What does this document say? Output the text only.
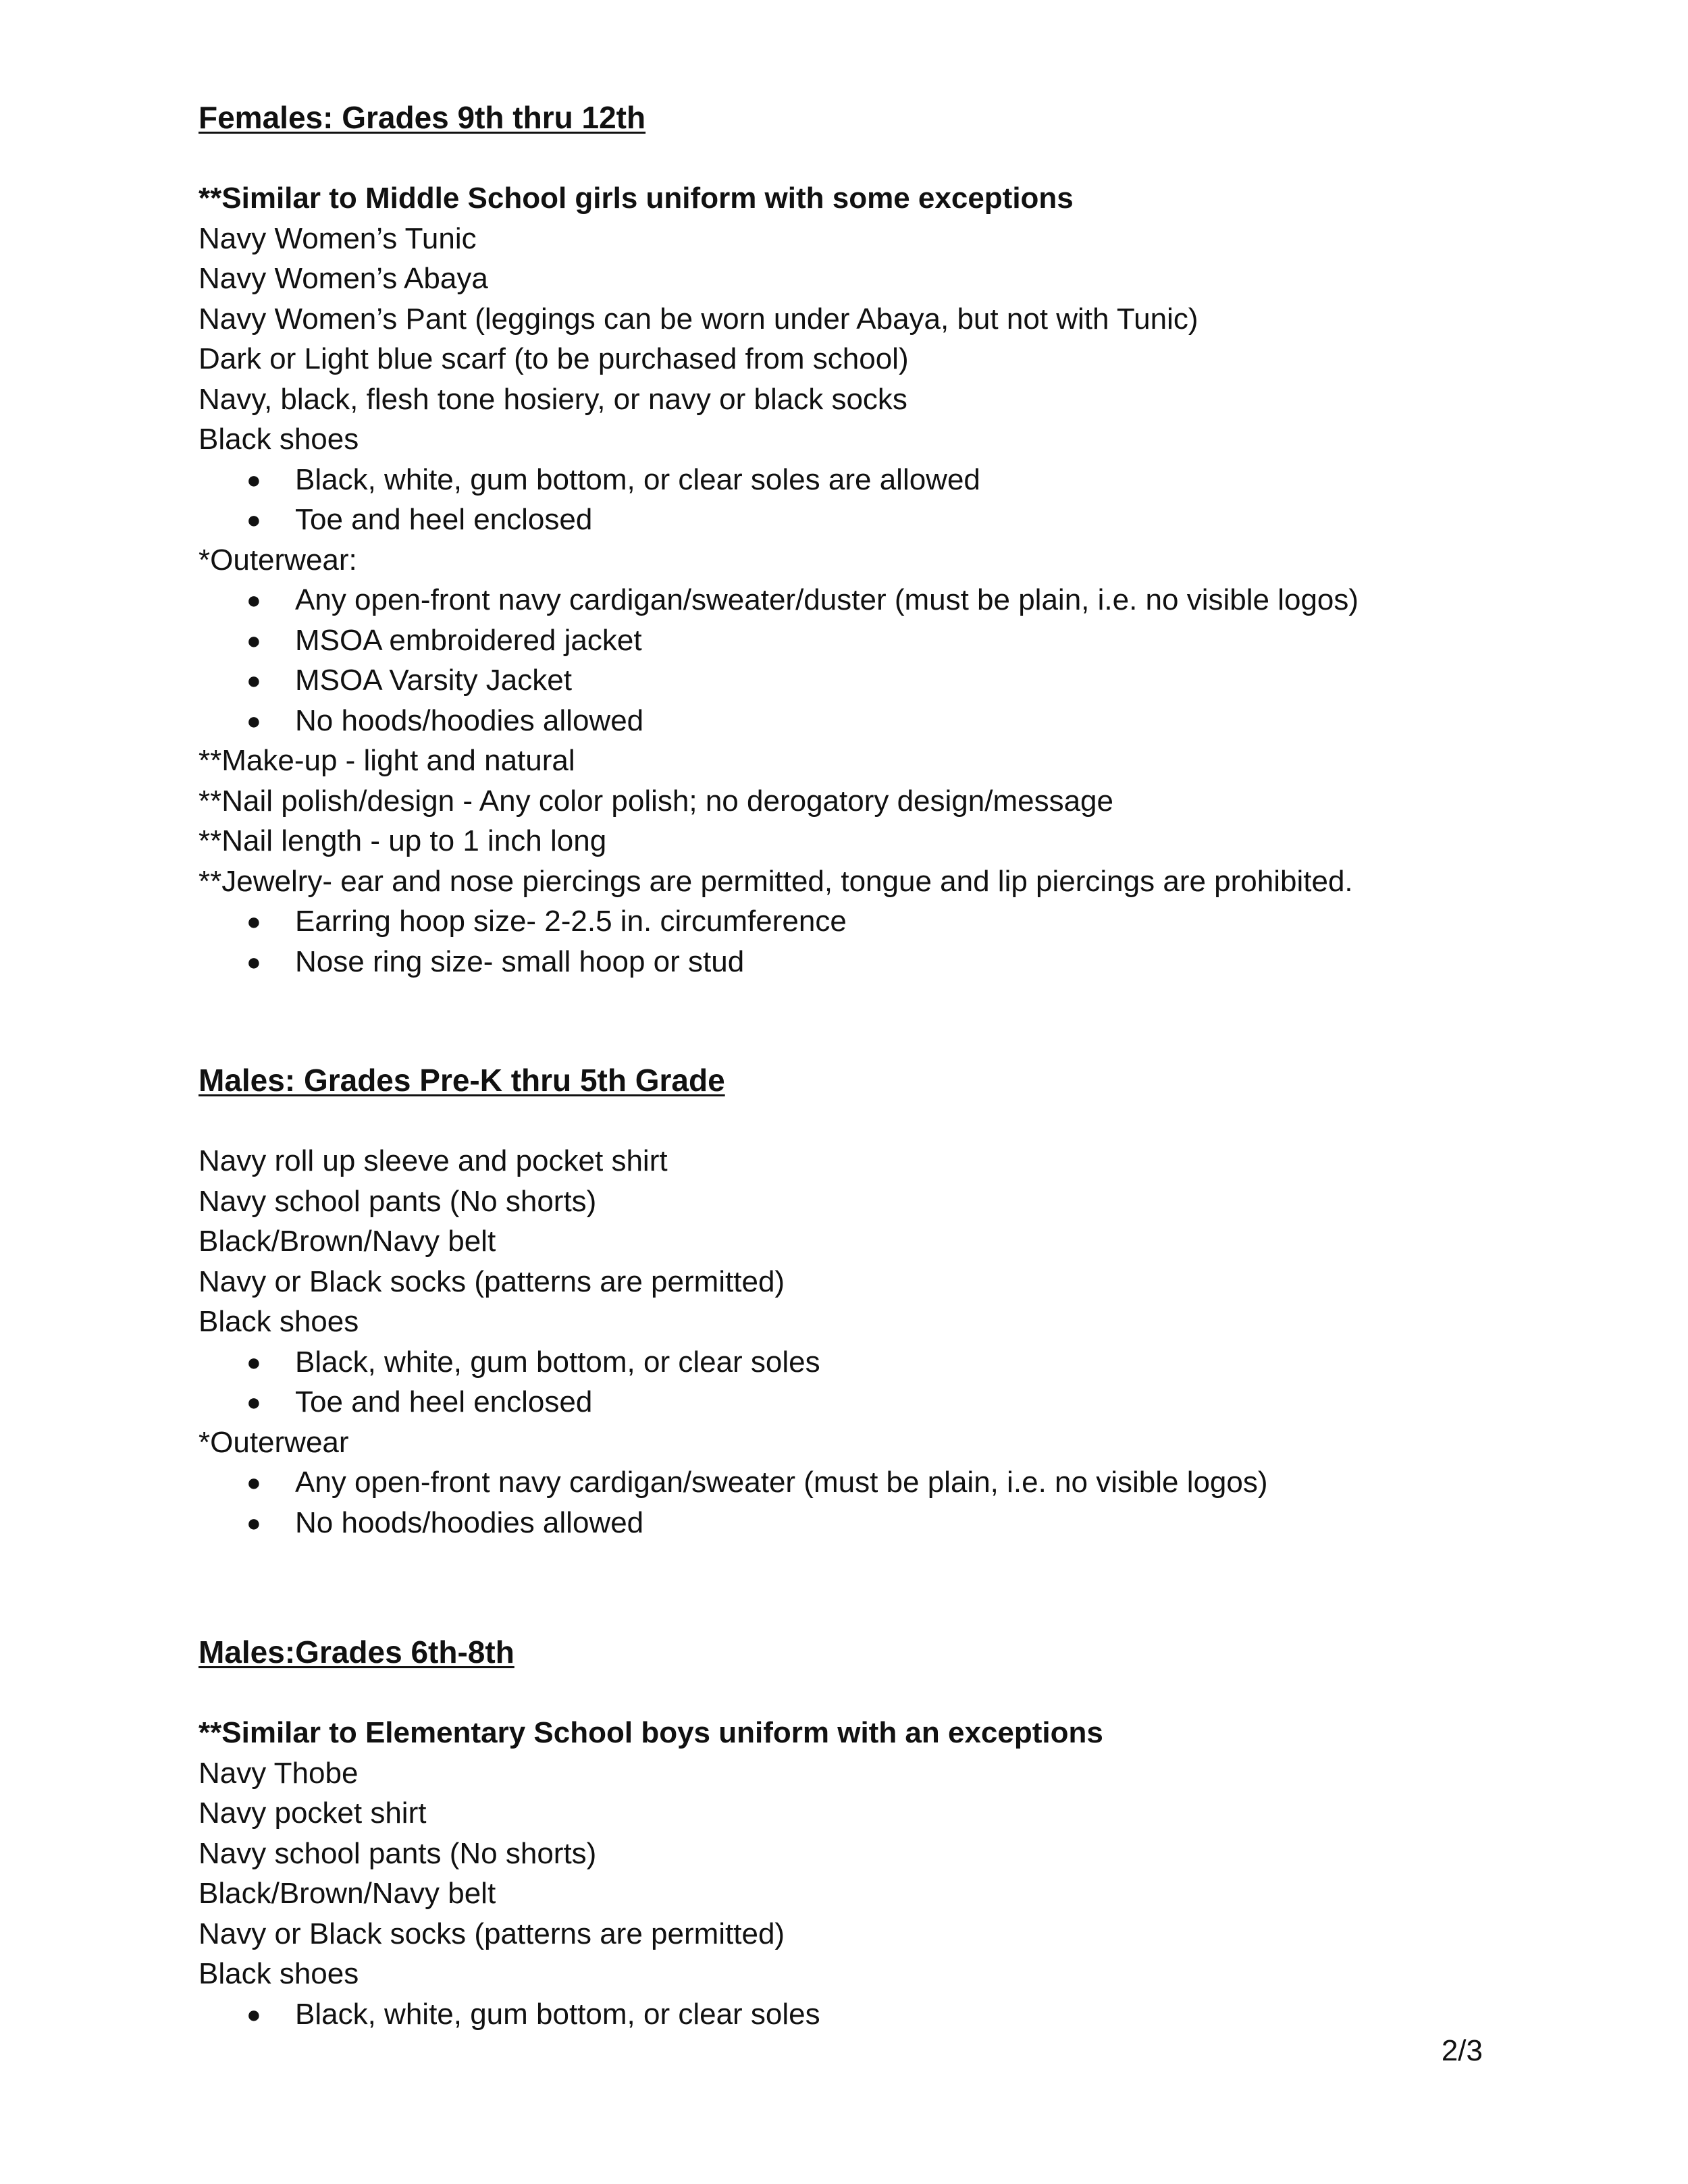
Females: Grades 9th thru 12th
**Similar to Middle School girls uniform with some exceptions
Navy Women’s Tunic
Navy Women’s Abaya
Navy Women’s Pant (leggings can be worn under Abaya, but not with Tunic)
Dark or Light blue scarf (to be purchased from school)
Navy, black, flesh tone hosiery, or navy or black socks
Black shoes
● Black, white, gum bottom, or clear soles are allowed
● Toe and heel enclosed
*Outerwear:
● Any open-front navy cardigan/sweater/duster (must be plain, i.e. no visible logos)
● MSOA embroidered jacket
● MSOA Varsity Jacket
● No hoods/hoodies allowed
**Make-up - light and natural
**Nail polish/design - Any color polish; no derogatory design/message
**Nail length - up to 1 inch long
**Jewelry- ear and nose piercings are permitted, tongue and lip piercings are prohibited.
● Earring hoop size- 2-2.5 in. circumference
● Nose ring size- small hoop or stud
Males: Grades Pre-K thru 5th Grade
Navy roll up sleeve and pocket shirt
Navy school pants (No shorts)
Black/Brown/Navy belt
Navy or Black socks (patterns are permitted)
Black shoes
● Black, white, gum bottom, or clear soles
● Toe and heel enclosed
*Outerwear
● Any open-front navy cardigan/sweater (must be plain, i.e. no visible logos)
● No hoods/hoodies allowed
Males:Grades 6th-8th
**Similar to Elementary School boys uniform with an exceptions
Navy Thobe
Navy pocket shirt
Navy school pants (No shorts)
Black/Brown/Navy belt
Navy or Black socks (patterns are permitted)
Black shoes
● Black, white, gum bottom, or clear soles
2/3
